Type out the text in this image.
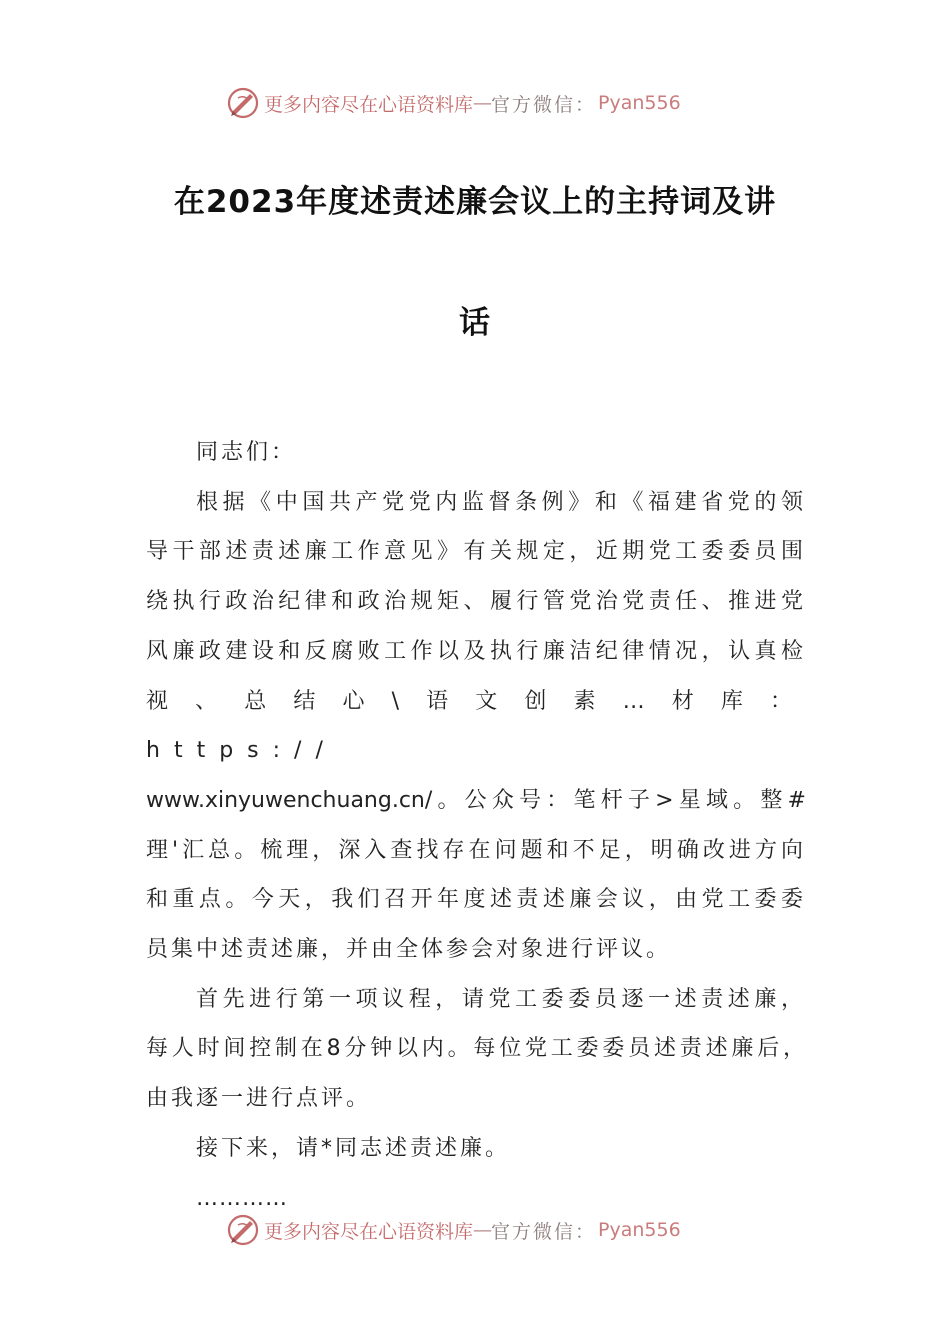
更多内容尽在心语资料库 — 官方微信： Pyan556
在2023年度述责述廉会议上的主持词及讲
话

同志们：

根据《中国共产党党内监督条例》和《福建省党的领
导干部述责述廉工作意见》有关规定，近期党工委委员围
绕执行政治纪律和政治规矩、履行管党治党责任、推进党
风廉政建设和反腐败工作以及执行廉洁纪律情况，认真检
视、总结心\语文创素…材库：https://
www.xinyuwenchuang.cn/。公众号：笔杆子>星域。整#
理'汇总。梳理，深入查找存在问题和不足，明确改进方向
和重点。今天，我们召开年度述责述廉会议，由党工委委
员集中述责述廉，并由全体参会对象进行评议。
首先进行第一项议程，请党工委委员逐一述责述廉，
每人时间控制在8分钟以内。每位党工委委员述责述廉后，
由我逐一进行点评。

接下来，请*同志述责述廉。

…………

更多内容尽在心语资料库 — 官方微信： Pyan556
